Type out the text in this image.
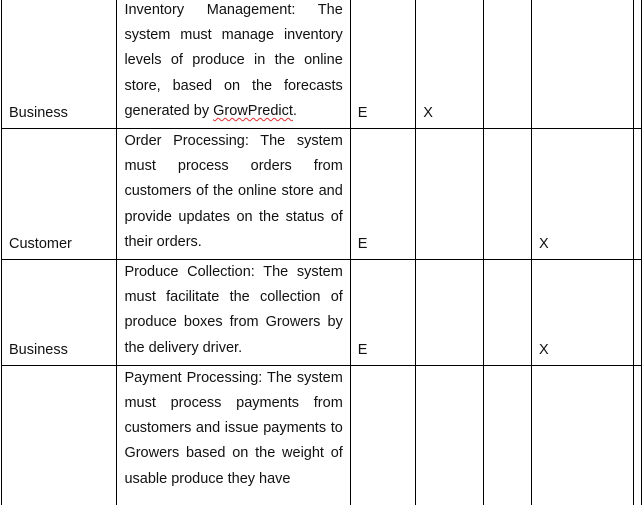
Business	Inventory Management: The system must manage inventory levels of produce in the online store, based on the forecasts generated by GrowPredict.	E	X			
Customer	Order Processing: The system must process orders from customers of the online store and provide updates on the status of their orders.	E			X	
Business	Produce Collection: The system must facilitate the collection of produce boxes from Growers by the delivery driver.	E			X	
	Payment Processing: The system must process payments from customers and issue payments to Growers based on the weight of usable produce they have					
